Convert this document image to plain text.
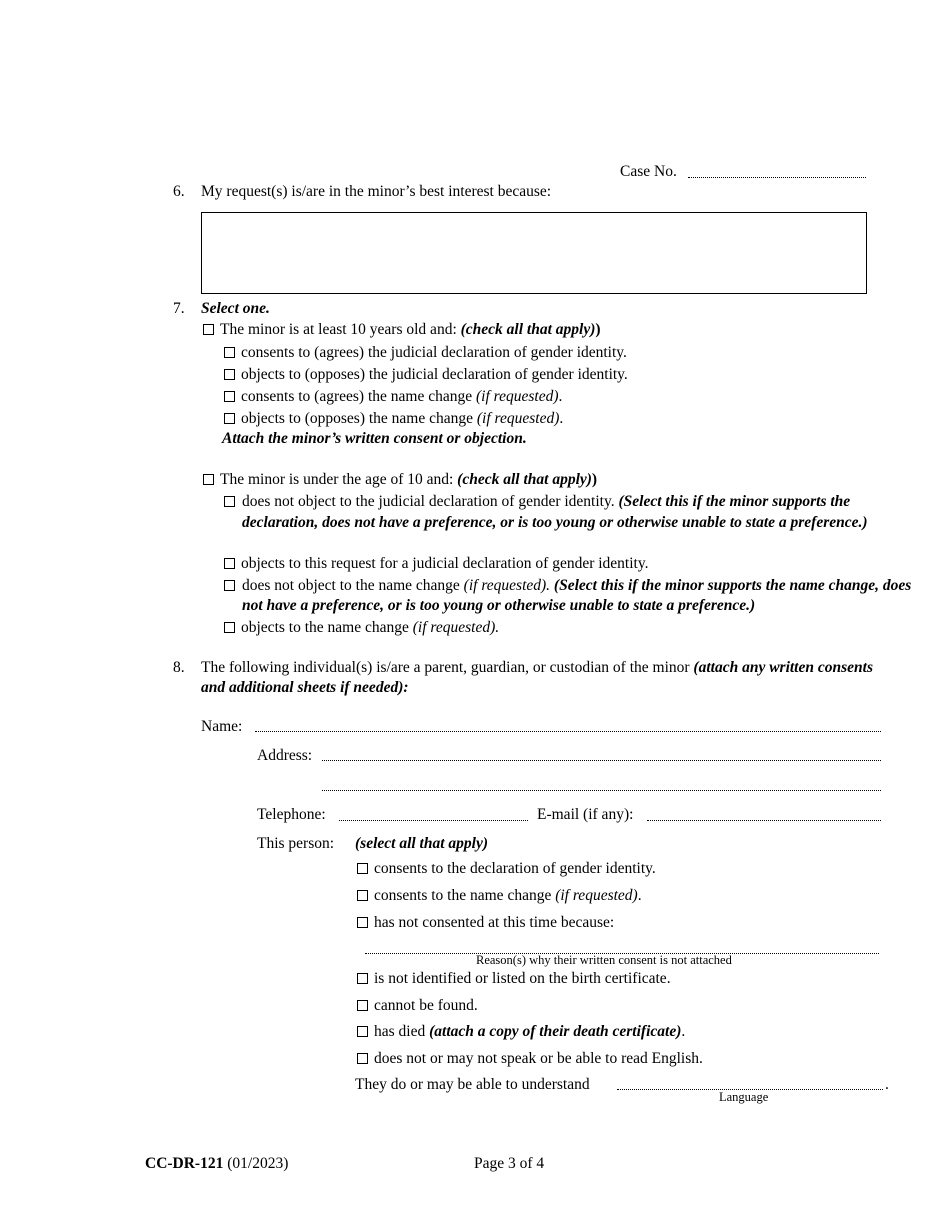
Case No.
6. My request(s) is/are in the minor’s best interest because:
7. Select one.
The minor is at least 10 years old and: (check all that apply))
consents to (agrees) the judicial declaration of gender identity.
objects to (opposes) the judicial declaration of gender identity.
consents to (agrees) the name change (if requested).
objects to (opposes) the name change (if requested).
Attach the minor’s written consent or objection.
The minor is under the age of 10 and: (check all that apply))
does not object to the judicial declaration of gender identity. (Select this if the minor supports the declaration, does not have a preference, or is too young or otherwise unable to state a preference.)
objects to this request for a judicial declaration of gender identity.
does not object to the name change (if requested). (Select this if the minor supports the name change, does not have a preference, or is too young or otherwise unable to state a preference.)
objects to the name change (if requested).
8. The following individual(s) is/are a parent, guardian, or custodian of the minor (attach any written consents and additional sheets if needed):
Name:
Address:
Telephone:	E-mail (if any):
This person: (select all that apply)
consents to the declaration of gender identity.
consents to the name change (if requested).
has not consented at this time because:
Reason(s) why their written consent is not attached
is not identified or listed on the birth certificate.
cannot be found.
has died (attach a copy of their death certificate).
does not or may not speak or be able to read English.
They do or may be able to understand	.
Language
CC-DR-121 (01/2023)	Page 3 of 4
